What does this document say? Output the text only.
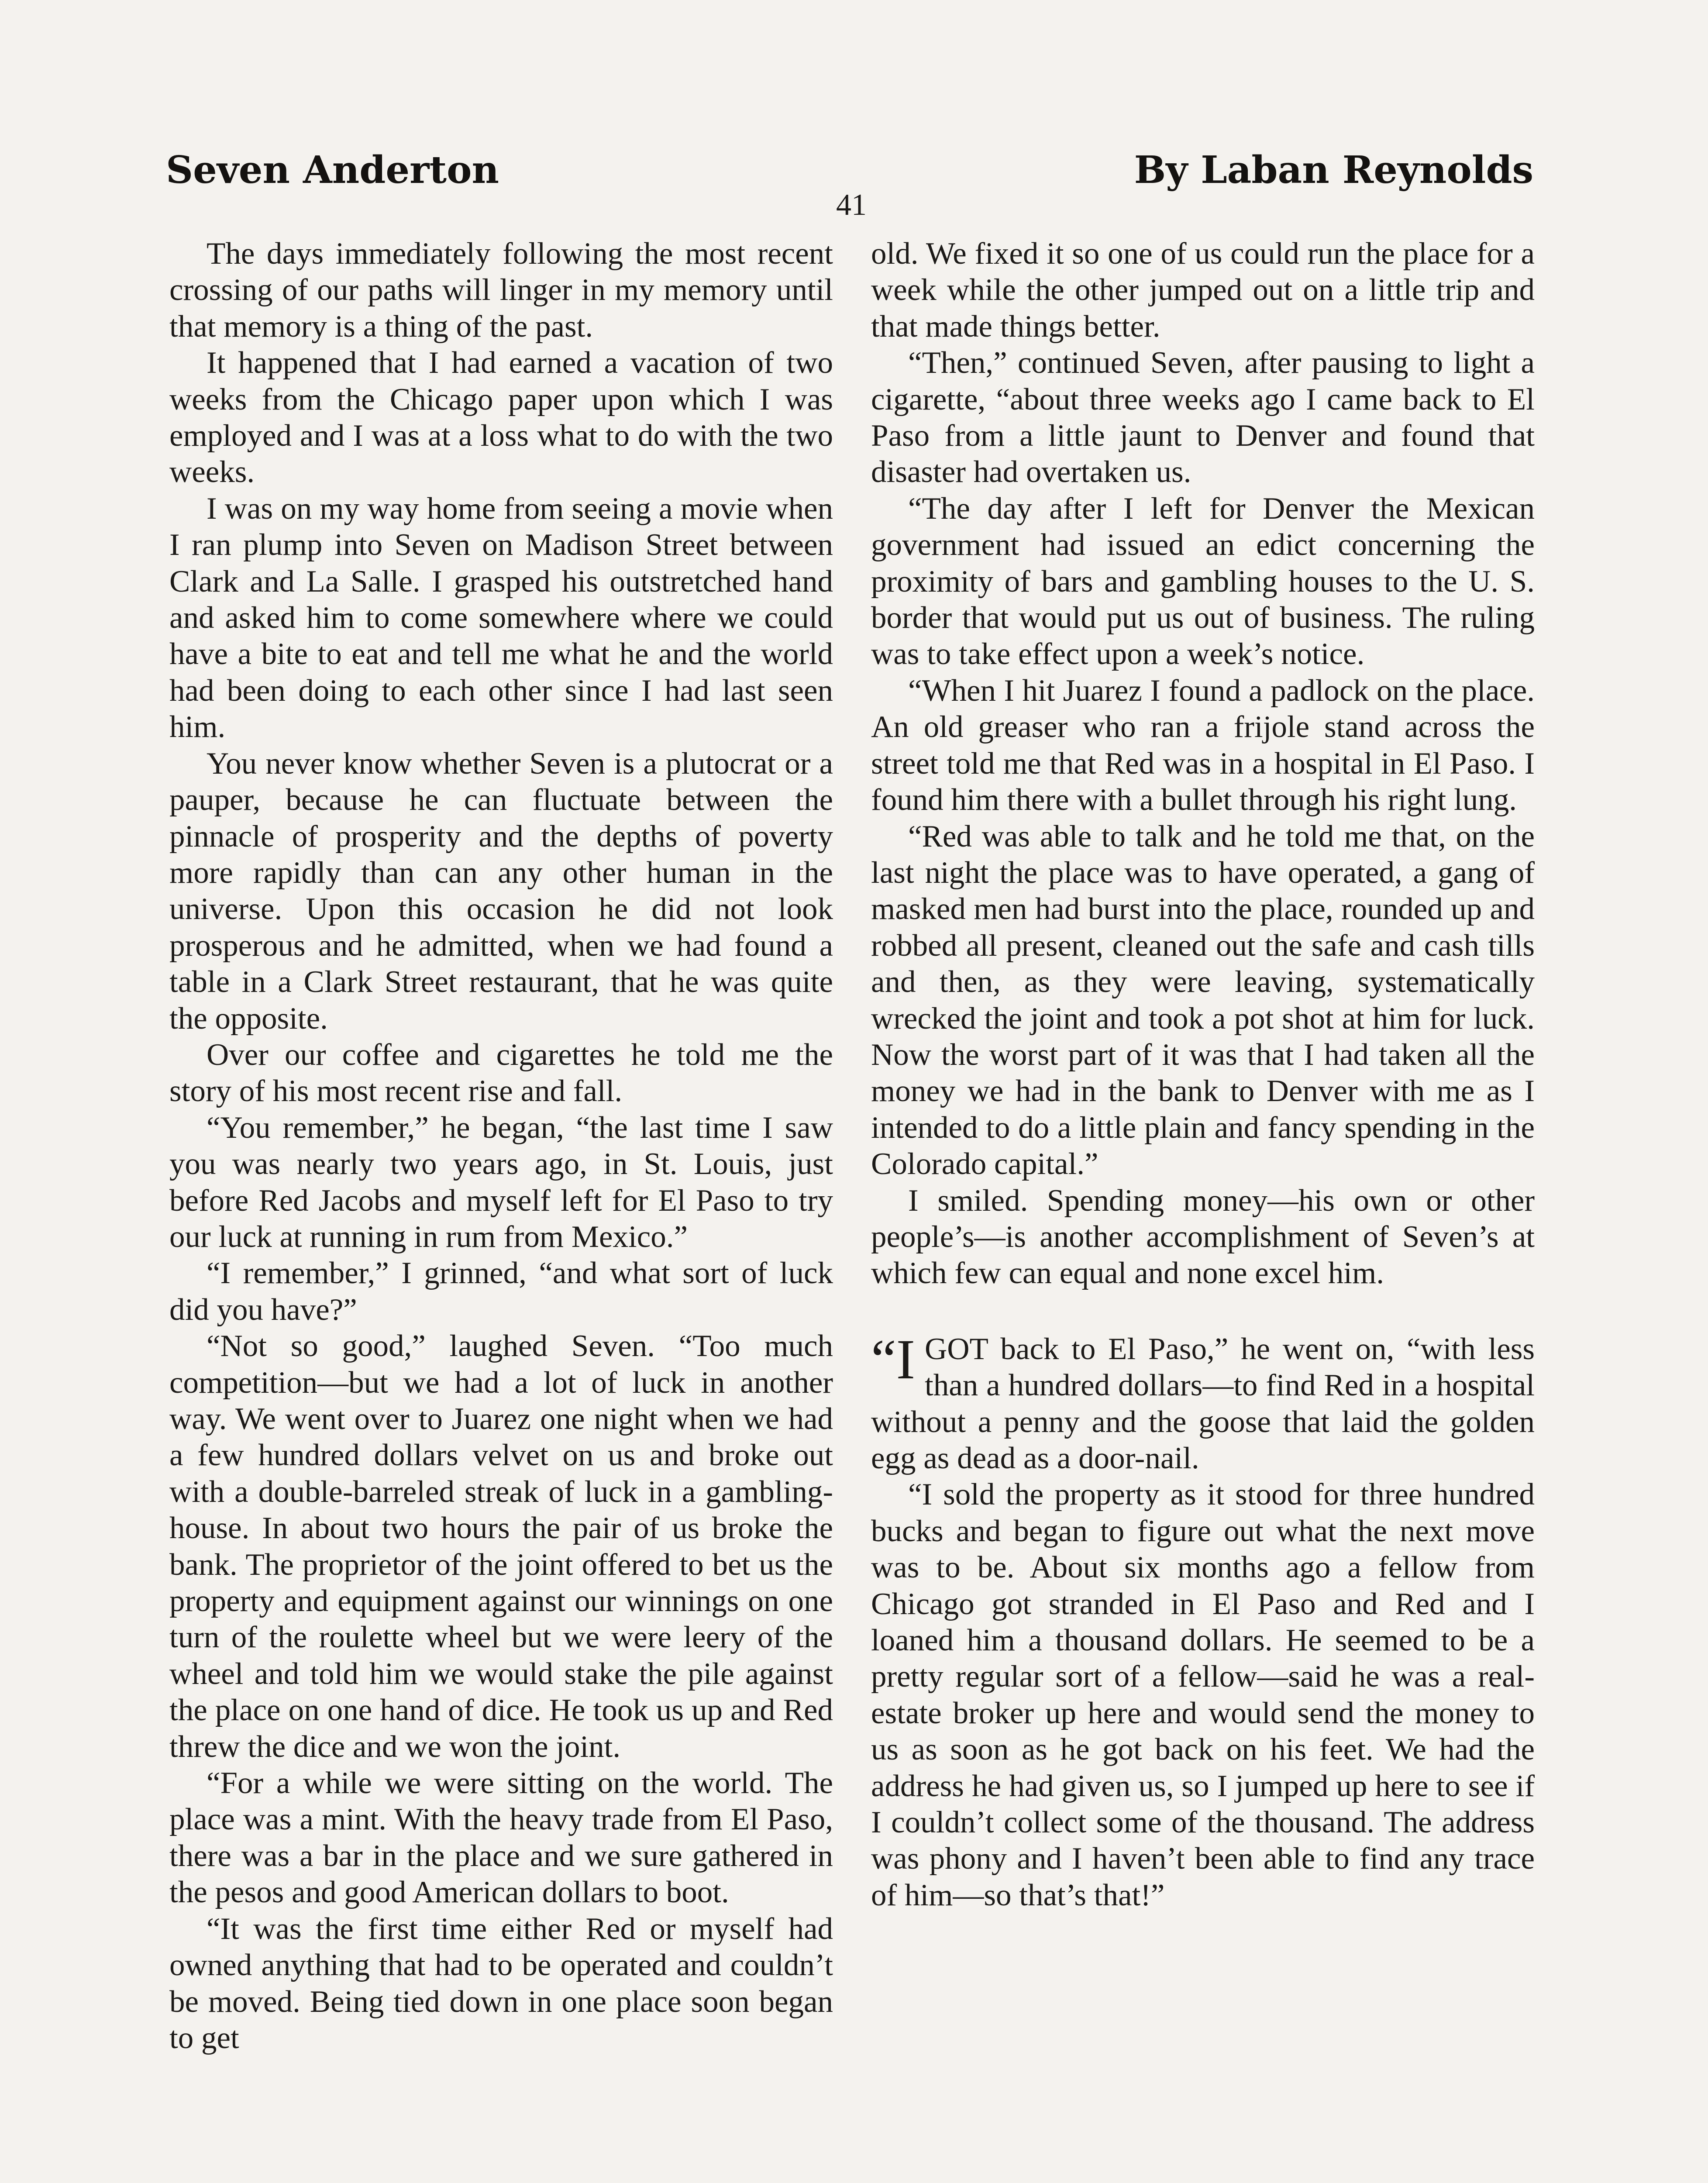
Seven Anderton	By Laban Reynolds
41

The days immediately following the most recent crossing of our paths will linger in my memory until that memory is a thing of the past.

It happened that I had earned a vacation of two weeks from the Chicago paper upon which I was employed and I was at a loss what to do with the two weeks.

I was on my way home from seeing a movie when I ran plump into Seven on Madison Street between Clark and La Salle. I grasped his outstretched hand and asked him to come somewhere where we could have a bite to eat and tell me what he and the world had been doing to each other since I had last seen him.

You never know whether Seven is a plutocrat or a pauper, because he can fluctuate between the pinnacle of prosperity and the depths of poverty more rapidly than can any other human in the universe. Upon this occasion he did not look prosperous and he admitted, when we had found a table in a Clark Street restaurant, that he was quite the opposite.

Over our coffee and cigarettes he told me the story of his most recent rise and fall.

“You remember,” he began, “the last time I saw you was nearly two years ago, in St. Louis, just before Red Jacobs and myself left for El Paso to try our luck at running in rum from Mexico.”

“I remember,” I grinned, “and what sort of luck did you have?”

“Not so good,” laughed Seven. “Too much competition—but we had a lot of luck in another way. We went over to Juarez one night when we had a few hundred dollars velvet on us and broke out with a double-barreled streak of luck in a gambling-house. In about two hours the pair of us broke the bank. The proprietor of the joint offered to bet us the property and equipment against our winnings on one turn of the roulette wheel but we were leery of the wheel and told him we would stake the pile against the place on one hand of dice. He took us up and Red threw the dice and we won the joint.

“For a while we were sitting on the world. The place was a mint. With the heavy trade from El Paso, there was a bar in the place and we sure gathered in the pesos and good American dollars to boot.

“It was the first time either Red or myself had owned anything that had to be operated and couldn’t be moved. Being tied down in one place soon began to get

old. We fixed it so one of us could run the place for a week while the other jumped out on a little trip and that made things better.

“Then,” continued Seven, after pausing to light a cigarette, “about three weeks ago I came back to El Paso from a little jaunt to Denver and found that disaster had overtaken us.

“The day after I left for Denver the Mexican government had issued an edict concerning the proximity of bars and gambling houses to the U. S. border that would put us out of business. The ruling was to take effect upon a week’s notice.

“When I hit Juarez I found a padlock on the place. An old greaser who ran a frijole stand across the street told me that Red was in a hospital in El Paso. I found him there with a bullet through his right lung.

“Red was able to talk and he told me that, on the last night the place was to have operated, a gang of masked men had burst into the place, rounded up and robbed all present, cleaned out the safe and cash tills and then, as they were leaving, systematically wrecked the joint and took a pot shot at him for luck. Now the worst part of it was that I had taken all the money we had in the bank to Denver with me as I intended to do a little plain and fancy spending in the Colorado capital.”

I smiled. Spending money—his own or other people’s—is another accomplishment of Seven’s at which few can equal and none excel him.

“IGOT back to El Paso,” he went on, “with less than a hundred dollars—to find Red in a hospital without a penny and the goose that laid the golden egg as dead as a door-nail.

“I sold the property as it stood for three hundred bucks and began to figure out what the next move was to be. About six months ago a fellow from Chicago got stranded in El Paso and Red and I loaned him a thousand dollars. He seemed to be a pretty regular sort of a fellow—said he was a real-estate broker up here and would send the money to us as soon as he got back on his feet. We had the address he had given us, so I jumped up here to see if I couldn’t collect some of the thousand. The address was phony and I haven’t been able to find any trace of him—so that’s that!”
